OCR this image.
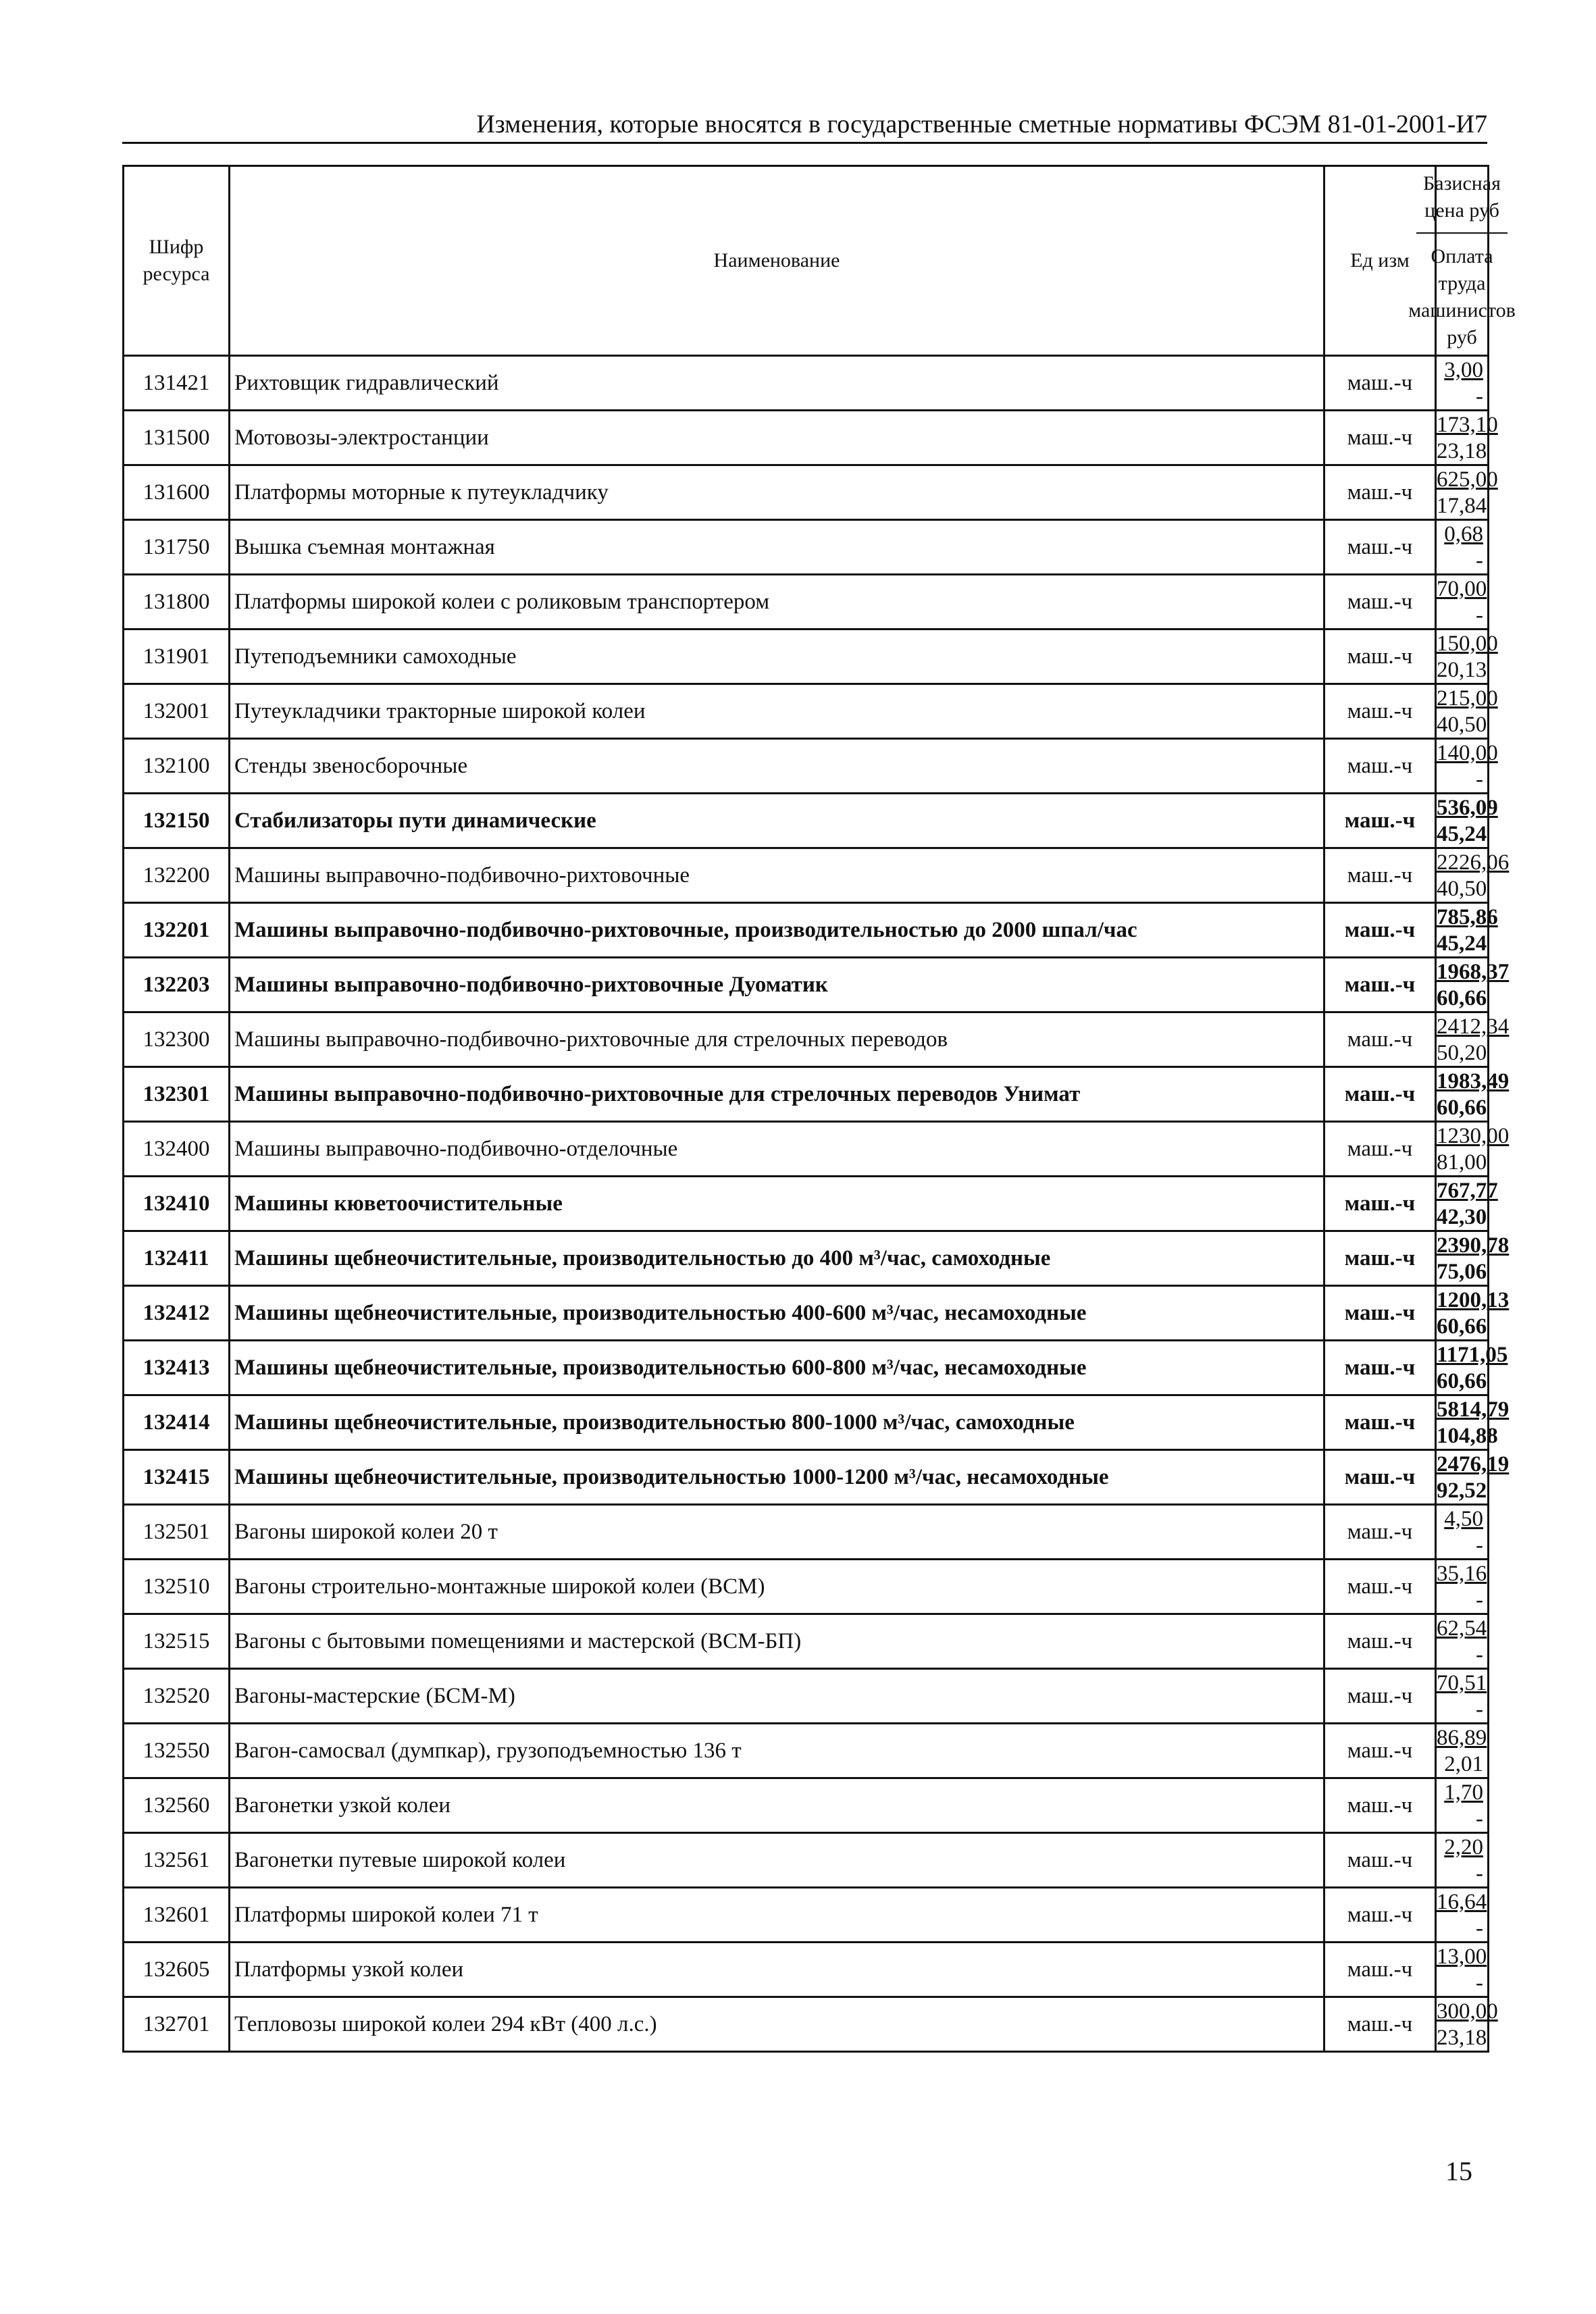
Изменения, которые вносятся в государственные сметные нормативы ФСЭМ 81-01-2001-И7
Шифр ресурса	Наименование	Ед изм	Базисная цена руб
Оплата труда машинистов руб

131421	Рихтовщик гидравлический	маш.-ч	3,00
-

131500	Мотовозы-электростанции	маш.-ч	173,10
23,18

131600	Платформы моторные к путеукладчику	маш.-ч	625,00
17,84

131750	Вышка съемная монтажная	маш.-ч	0,68
-

131800	Платформы широкой колеи с роликовым транспортером	маш.-ч	70,00
-

131901	Путеподъемники самоходные	маш.-ч	150,00
20,13

132001	Путеукладчики тракторные широкой колеи	маш.-ч	215,00
40,50

132100	Стенды звеносборочные	маш.-ч	140,00
-

132150	Стабилизаторы пути динамические	маш.-ч	536,09
45,24

132200	Машины выправочно-подбивочно-рихтовочные	маш.-ч	2226,06
40,50

132201	Машины выправочно-подбивочно-рихтовочные, производительностью до 2000 шпал/час	маш.-ч	785,86
45,24

132203	Машины выправочно-подбивочно-рихтовочные Дуоматик	маш.-ч	1968,37
60,66

132300	Машины выправочно-подбивочно-рихтовочные для стрелочных переводов	маш.-ч	2412,34
50,20

132301	Машины выправочно-подбивочно-рихтовочные для стрелочных переводов Унимат	маш.-ч	1983,49
60,66

132400	Машины выправочно-подбивочно-отделочные	маш.-ч	1230,00
81,00

132410	Машины кюветоочистительные	маш.-ч	767,77
42,30

132411	Машины щебнеочистительные, производительностью до 400 м³/час, самоходные	маш.-ч	2390,78
75,06

132412	Машины щебнеочистительные, производительностью 400-600 м³/час, несамоходные	маш.-ч	1200,13
60,66

132413	Машины щебнеочистительные, производительностью 600-800 м³/час, несамоходные	маш.-ч	1171,05
60,66

132414	Машины щебнеочистительные, производительностью 800-1000 м³/час, самоходные	маш.-ч	5814,79
104,88

132415	Машины щебнеочистительные, производительностью 1000-1200 м³/час, несамоходные	маш.-ч	2476,19
92,52

132501	Вагоны широкой колеи 20 т	маш.-ч	4,50
-

132510	Вагоны строительно-монтажные широкой колеи (ВСМ)	маш.-ч	35,16
-

132515	Вагоны с бытовыми помещениями и мастерской (ВСМ-БП)	маш.-ч	62,54
-

132520	Вагоны-мастерские (БСМ-М)	маш.-ч	70,51
-

132550	Вагон-самосвал (думпкар), грузоподъемностью 136 т	маш.-ч	86,89
2,01

132560	Вагонетки узкой колеи	маш.-ч	1,70
-

132561	Вагонетки путевые широкой колеи	маш.-ч	2,20
-

132601	Платформы широкой колеи 71 т	маш.-ч	16,64
-

132605	Платформы узкой колеи	маш.-ч	13,00
-

132701	Тепловозы широкой колеи 294 кВт (400 л.с.)	маш.-ч	300,00
23,18
15
